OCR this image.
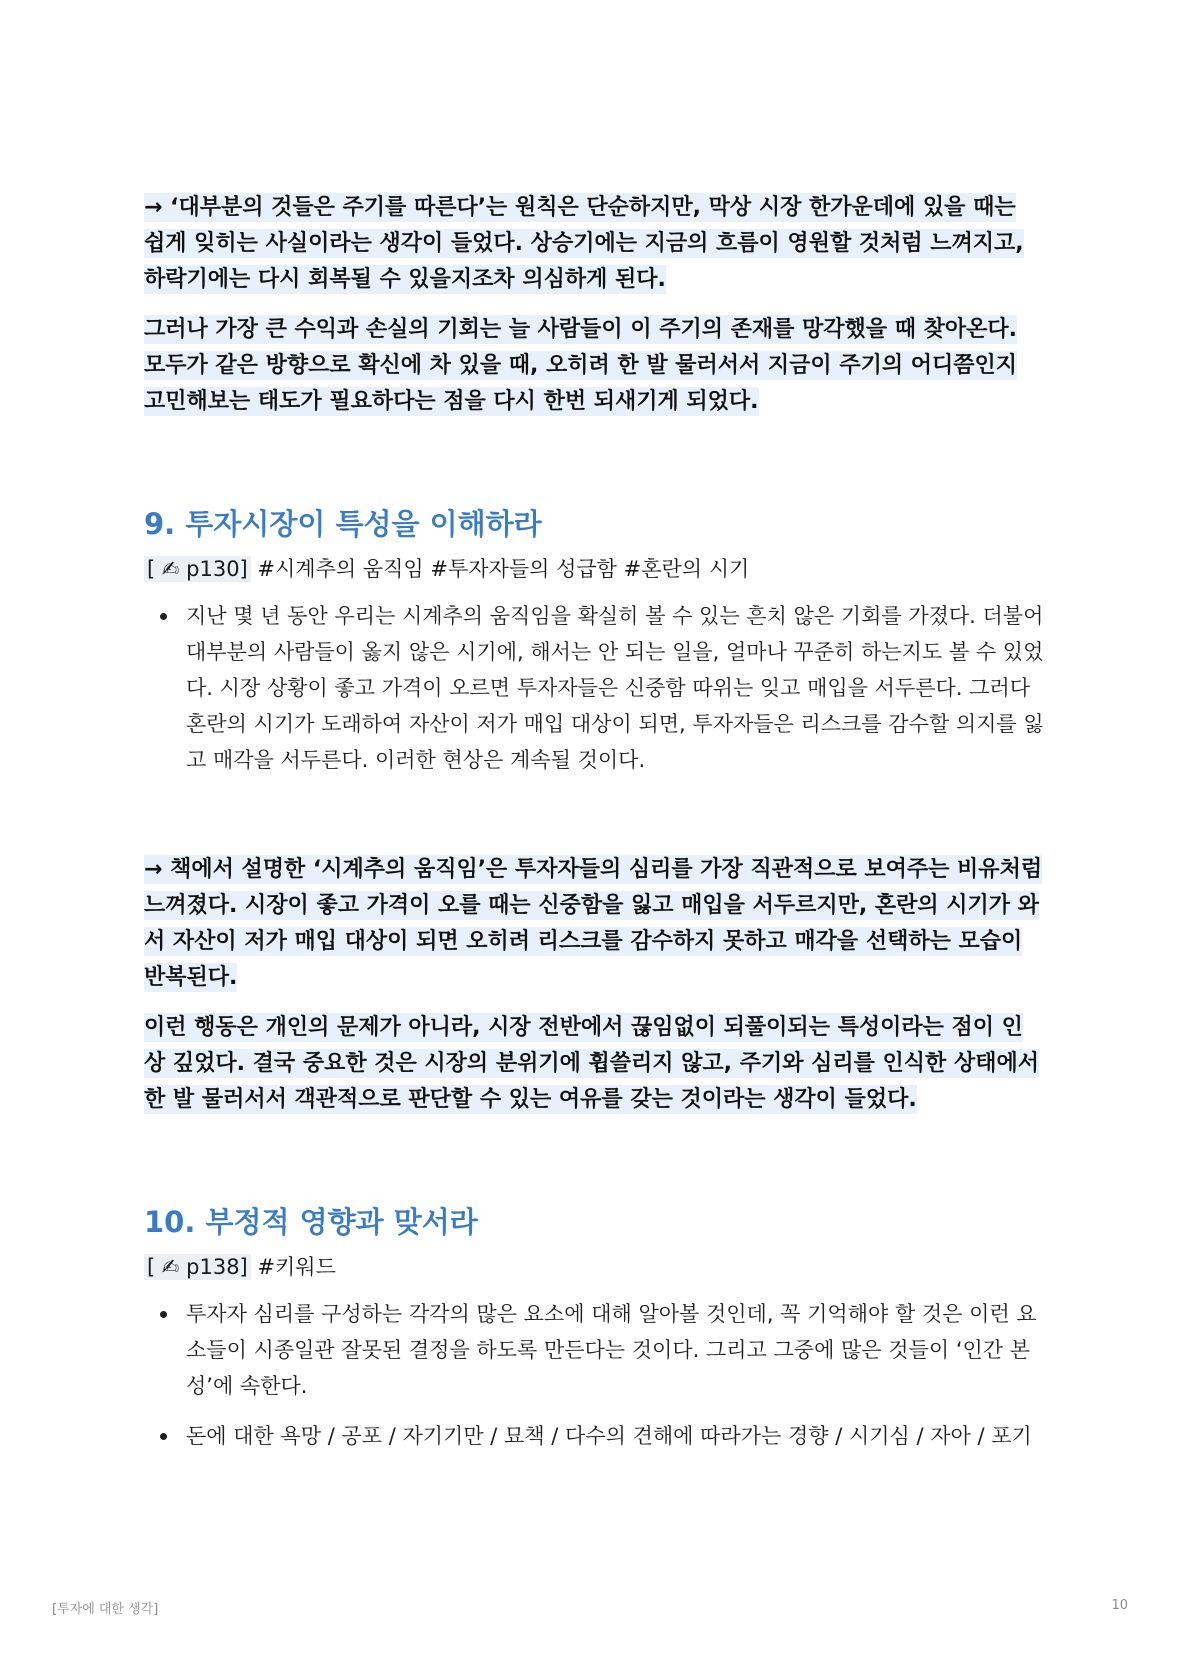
→ ‘대부분의 것들은 주기를 따른다’는 원칙은 단순하지만, 막상 시장 한가운데에 있을 때는 쉽게 잊히는 사실이라는 생각이 들었다. 상승기에는 지금의 흐름이 영원할 것처럼 느껴지고, 하락기에는 다시 회복될 수 있을지조차 의심하게 된다.

그러나 가장 큰 수익과 손실의 기회는 늘 사람들이 이 주기의 존재를 망각했을 때 찾아온다. 모두가 같은 방향으로 확신에 차 있을 때, 오히려 한 발 물러서서 지금이 주기의 어디쯤인지 고민해보는 태도가 필요하다는 점을 다시 한번 되새기게 되었다.

9. 투자시장이 특성을 이해하라
[ ✍ p130] #시계추의 움직임 #투자자들의 성급함 #혼란의 시기
지난 몇 년 동안 우리는 시계추의 움직임을 확실히 볼 수 있는 흔치 않은 기회를 가졌다. 더불어 대부분의 사람들이 옳지 않은 시기에, 해서는 안 되는 일을, 얼마나 꾸준히 하는지도 볼 수 있었다. 시장 상황이 좋고 가격이 오르면 투자자들은 신중함 따위는 잊고 매입을 서두른다. 그러다 혼란의 시기가 도래하여 자산이 저가 매입 대상이 되면, 투자자들은 리스크를 감수할 의지를 잃고 매각을 서두른다. 이러한 현상은 계속될 것이다.

→ 책에서 설명한 ‘시계추의 움직임’은 투자자들의 심리를 가장 직관적으로 보여주는 비유처럼 느껴졌다. 시장이 좋고 가격이 오를 때는 신중함을 잃고 매입을 서두르지만, 혼란의 시기가 와서 자산이 저가 매입 대상이 되면 오히려 리스크를 감수하지 못하고 매각을 선택하는 모습이 반복된다.

이런 행동은 개인의 문제가 아니라, 시장 전반에서 끊임없이 되풀이되는 특성이라는 점이 인상 깊었다. 결국 중요한 것은 시장의 분위기에 휩쓸리지 않고, 주기와 심리를 인식한 상태에서 한 발 물러서서 객관적으로 판단할 수 있는 여유를 갖는 것이라는 생각이 들었다.

10. 부정적 영향과 맞서라
[ ✍ p138] #키워드
투자자 심리를 구성하는 각각의 많은 요소에 대해 알아볼 것인데, 꼭 기억해야 할 것은 이런 요소들이 시종일관 잘못된 결정을 하도록 만든다는 것이다. 그리고 그중에 많은 것들이 ‘인간 본성’에 속한다.
돈에 대한 욕망 / 공포 / 자기기만 / 묘책 / 다수의 견해에 따라가는 경향 / 시기심 / 자아 / 포기
[투자에 대한 생각]	10
